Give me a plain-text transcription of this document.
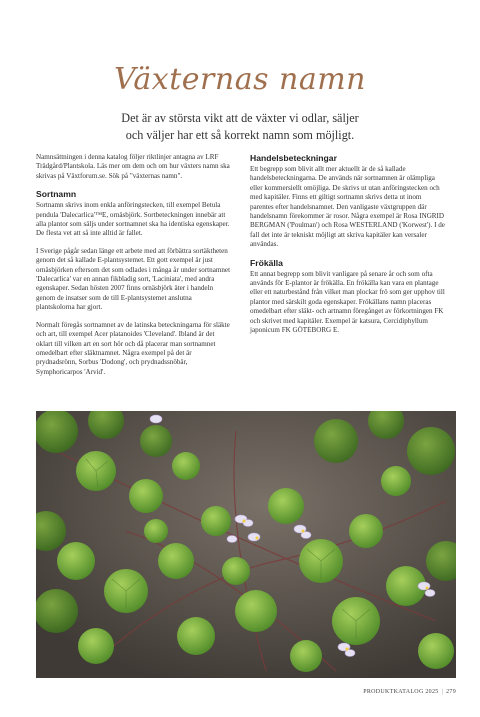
Växternas namn
Det är av största vikt att de växter vi odlar, säljer
och väljer har ett så korrekt namn som möjligt.

Namnsättningen i denna katalog följer riktlinjer antagna av LRF Trädgård/Plantskola. Läs mer om dem och om hur växters namn ska skrivas på Växtforum.se. Sök på "växternas namn".

Sortnamn

Sortnamn skrivs inom enkla anföringstecken, till exempel Betula pendula 'Dalecarlica'™E, ornäsbjörk. Sortbeteckningen innebär att alla plantor som säljs under sortnamnet ska ha identiska egenskaper. De flesta vet att så inte alltid är fallet.

I Sverige pågår sedan länge ett arbete med att förbättra sortäktheten genom det så kallade E-plantsystemet. Ett gott exempel är just ornäsbjörken eftersom det som odlades i många år under sortnamnet 'Dalecarlica' var en annan fikbladig sort, 'Laciniata', med andra egenskaper. Sedan hösten 2007 finns ornäsbjörk äter i handeln genom de insatser som de till E-plantsystemet anslutna plantskolorna har gjort.

Normalt föregås sortnamnet av de latinska beteckningarna för släkte och art, till exempel Acer platanoides 'Cleveland'. Ibland är det oklart till vilken art en sort hör och då placerar man sortnamnet omedelbart efter släktnamnet. Några exempel på det är prydnadsrönn, Sorbus 'Dodong', och prydnadssnöbär, Symphoricarpos 'Arvid'.

Handelsbeteckningar

Ett begrepp som blivit allt mer aktuellt är de så kallade handelsbeteckningarna. De används när sortnamnen är olämpliga eller kommersiellt omöjliga. De skrivs ut utan anföringstecken och med kapitäler. Finns ett giltigt sortnamn skrivs detta ut inom parentes efter handelsnamnet. Den vanligaste växtgruppen där handelsnamn förekommer är rosor. Några exempel är Rosa INGRID BERGMAN ('Poulman') och Rosa WESTERLAND ('Korwest'). I de fall det inte är tekniskt möjligt att skriva kapitäler kan versaler användas.

Frökälla

Ett annat begrepp som blivit vanligare på senare år och som ofta används för E-plantor är frökälla. En frökälla kan vara en plantage eller ett naturbestånd från vilket man plockar frö som ger upphov till plantor med särskilt goda egenskaper. Frökällans namn placeras omedelbart efter släkt- och artnamn föregånget av förkortningen FK och skrivet med kapitäler. Exempel är katsura, Cercidiphyllum japonicum FK GÖTEBORG E.

PRODUKTKATALOG 2025 | 279
